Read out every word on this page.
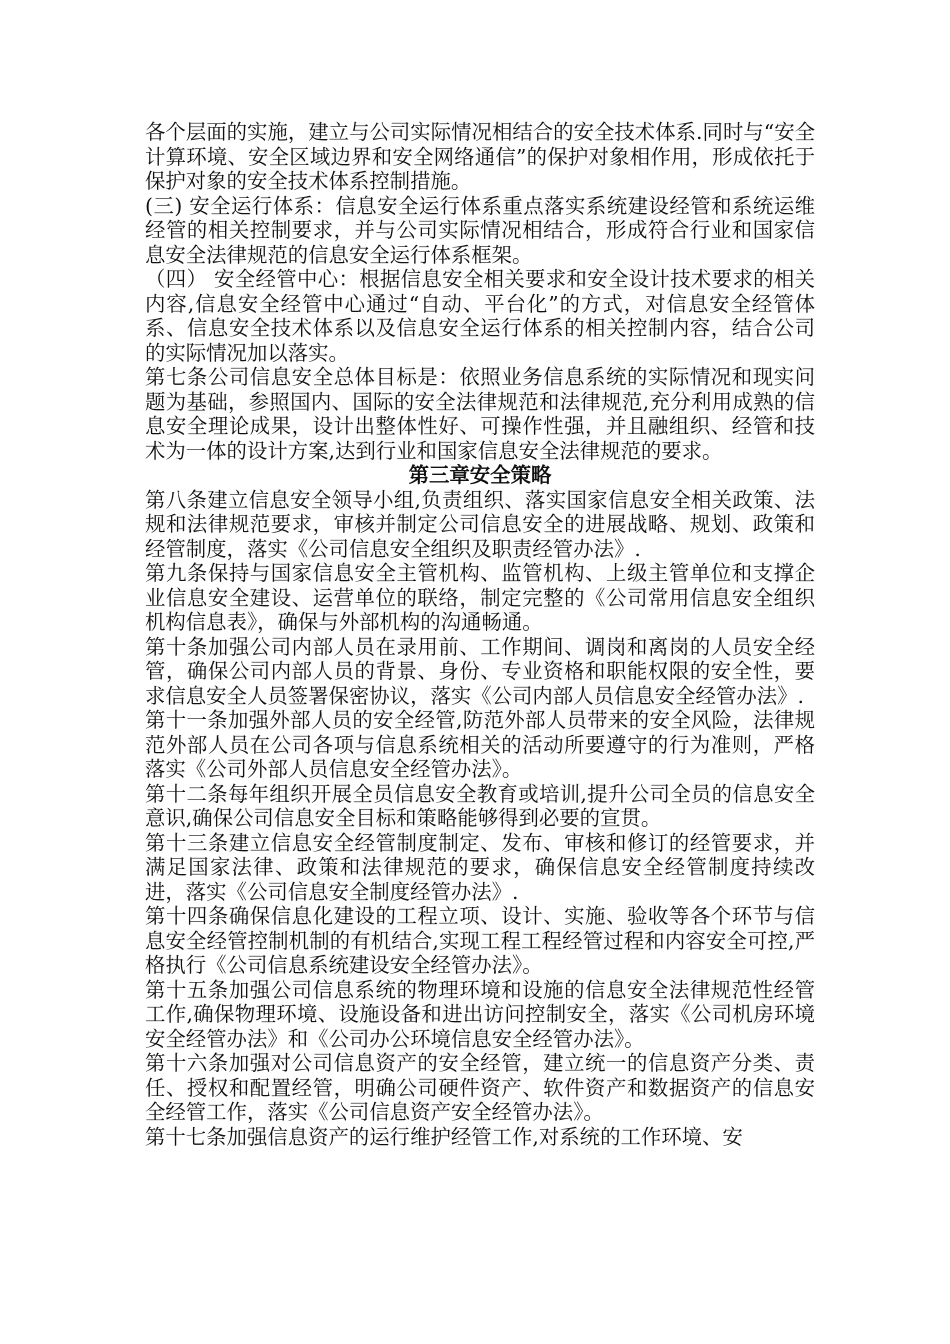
各个层面的实施，建立与公司实际情况相结合的安全技术体系.同时与“安全计算环境、安全区域边界和安全网络通信”的保护对象相作用，形成依托于保护对象的安全技术体系控制措施。

(三) 安全运行体系：信息安全运行体系重点落实系统建设经管和系统运维经管的相关控制要求，并与公司实际情况相结合，形成符合行业和国家信息安全法律规范的信息安全运行体系框架。

（四） 安全经管中心：根据信息安全相关要求和安全设计技术要求的相关内容,信息安全经管中心通过“自动、平台化”的方式，对信息安全经管体系、信息安全技术体系以及信息安全运行体系的相关控制内容，结合公司的实际情况加以落实。

第七条公司信息安全总体目标是：依照业务信息系统的实际情况和现实问题为基础，参照国内、国际的安全法律规范和法律规范,充分利用成熟的信息安全理论成果，设计出整体性好、可操作性强，并且融组织、经管和技术为一体的设计方案,达到行业和国家信息安全法律规范的要求。

第三章安全策略

第八条建立信息安全领导小组,负责组织、落实国家信息安全相关政策、法规和法律规范要求，审核并制定公司信息安全的进展战略、规划、政策和经管制度，落实《公司信息安全组织及职责经管办法》.

第九条保持与国家信息安全主管机构、监管机构、上级主管单位和支撑企业信息安全建设、运营单位的联络，制定完整的《公司常用信息安全组织机构信息表》，确保与外部机构的沟通畅通。

第十条加强公司内部人员在录用前、工作期间、调岗和离岗的人员安全经管，确保公司内部人员的背景、身份、专业资格和职能权限的安全性，要求信息安全人员签署保密协议，落实《公司内部人员信息安全经管办法》.

第十一条加强外部人员的安全经管,防范外部人员带来的安全风险，法律规范外部人员在公司各项与信息系统相关的活动所要遵守的行为准则，严格落实《公司外部人员信息安全经管办法》。

第十二条每年组织开展全员信息安全教育或培训,提升公司全员的信息安全意识,确保公司信息安全目标和策略能够得到必要的宣贯。

第十三条建立信息安全经管制度制定、发布、审核和修订的经管要求，并满足国家法律、政策和法律规范的要求，确保信息安全经管制度持续改进，落实《公司信息安全制度经管办法》.

第十四条确保信息化建设的工程立项、设计、实施、验收等各个环节与信息安全经管控制机制的有机结合,实现工程工程经管过程和内容安全可控,严格执行《公司信息系统建设安全经管办法》。

第十五条加强公司信息系统的物理环境和设施的信息安全法律规范性经管工作,确保物理环境、设施设备和进出访问控制安全，落实《公司机房环境安全经管办法》和《公司办公环境信息安全经管办法》。

第十六条加强对公司信息资产的安全经管，建立统一的信息资产分类、责任、授权和配置经管，明确公司硬件资产、软件资产和数据资产的信息安全经管工作，落实《公司信息资产安全经管办法》。

第十七条加强信息资产的运行维护经管工作,对系统的工作环境、安
